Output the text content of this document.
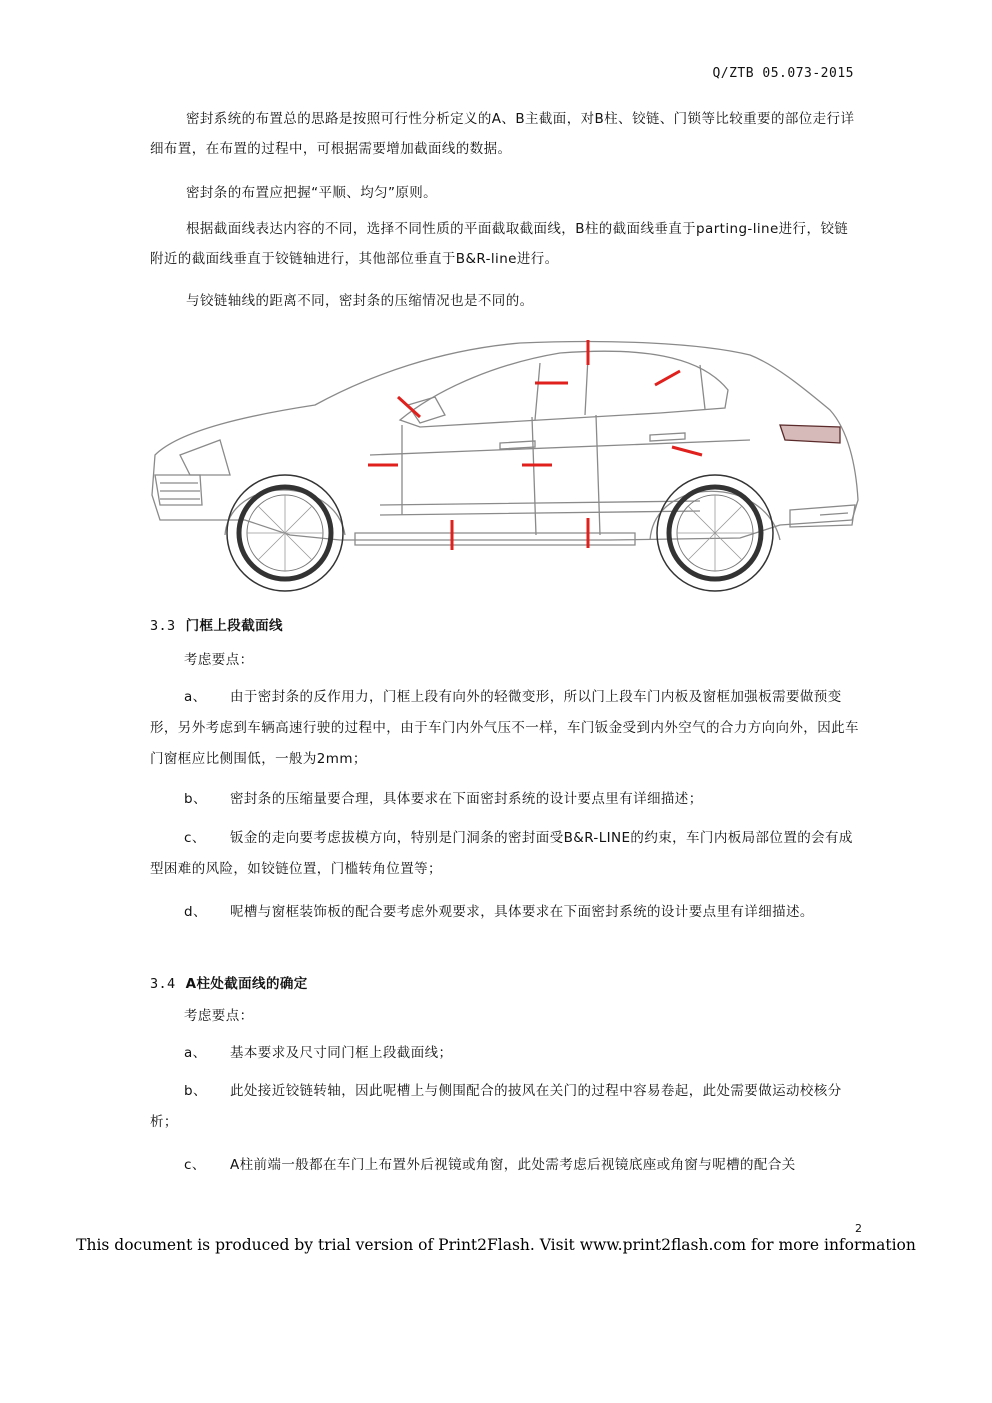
Q/ZTB 05.073-2015
密封系统的布置总的思路是按照可行性分析定义的A、B主截面，对B柱、铰链、门锁等比较重要的部位走行详细布置，在布置的过程中，可根据需要增加截面线的数据。
密封条的布置应把握“平顺、均匀”原则。
根据截面线表达内容的不同，选择不同性质的平面截取截面线，B柱的截面线垂直于parting-line进行，铰链附近的截面线垂直于铰链轴进行，其他部位垂直于B&R-line进行。
与铰链轴线的距离不同，密封条的压缩情况也是不同的。
3.3 门框上段截面线
考虑要点：
a、 由于密封条的反作用力，门框上段有向外的轻微变形，所以门上段车门内板及窗框加强板需要做预变形，另外考虑到车辆高速行驶的过程中，由于车门内外气压不一样，车门钣金受到内外空气的合力方向向外，因此车门窗框应比侧围低，一般为2mm；
b、 密封条的压缩量要合理，具体要求在下面密封系统的设计要点里有详细描述；
c、 钣金的走向要考虑拔模方向，特别是门洞条的密封面受B&R-LINE的约束，车门内板局部位置的会有成型困难的风险，如铰链位置，门槛转角位置等；
d、 呢槽与窗框装饰板的配合要考虑外观要求，具体要求在下面密封系统的设计要点里有详细描述。
3.4 A柱处截面线的确定
考虑要点：
a、 基本要求及尺寸同门框上段截面线；
b、 此处接近铰链转轴，因此呢槽上与侧围配合的披风在关门的过程中容易卷起，此处需要做运动校核分析；
c、 A柱前端一般都在车门上布置外后视镜或角窗，此处需考虑后视镜底座或角窗与呢槽的配合关
2
This document is produced by trial version of Print2Flash. Visit www.print2flash.com for more information
